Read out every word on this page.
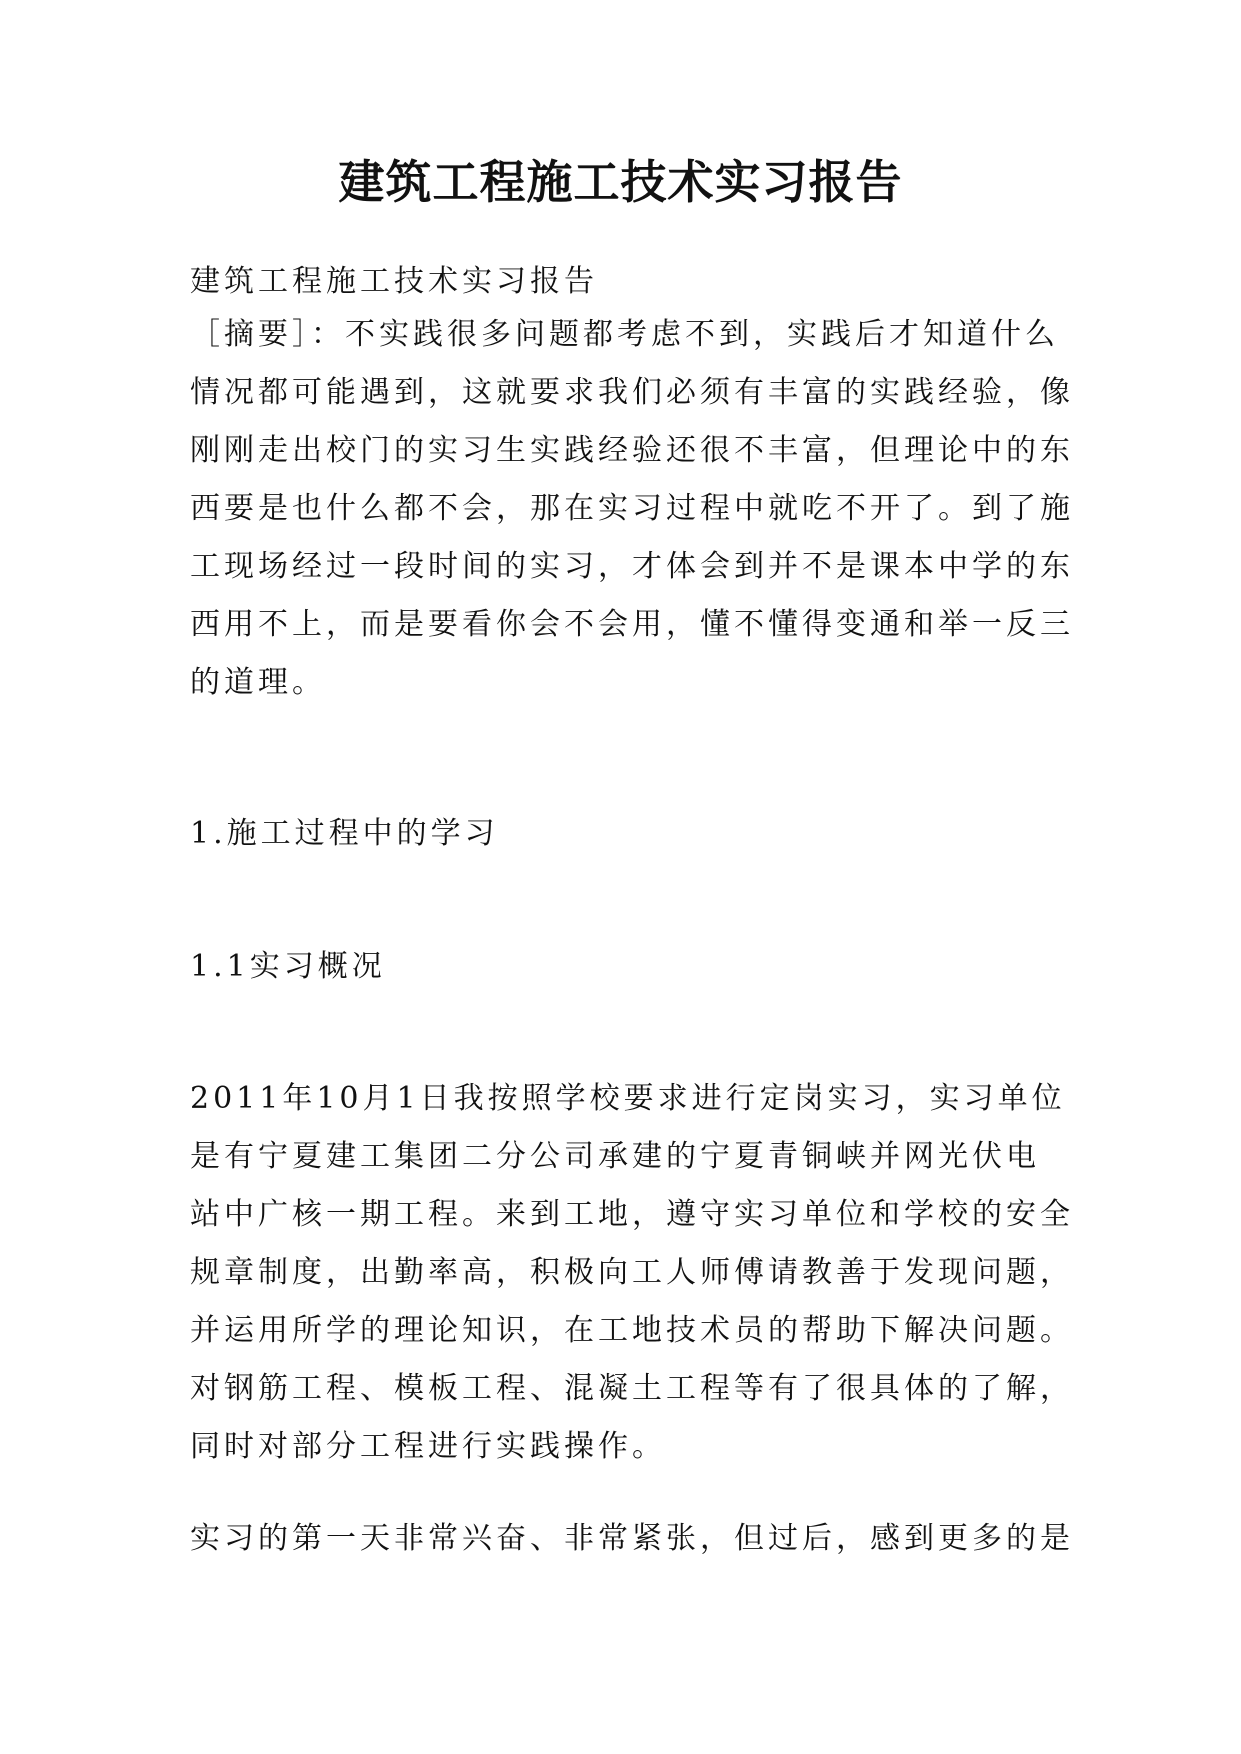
建筑工程施工技术实习报告

建筑工程施工技术实习报告

［摘要］：不实践很多问题都考虑不到，实践后才知道什么
情况都可能遇到，这就要求我们必须有丰富的实践经验，像
刚刚走出校门的实习生实践经验还很不丰富，但理论中的东
西要是也什么都不会，那在实习过程中就吃不开了。到了施
工现场经过一段时间的实习，才体会到并不是课本中学的东
西用不上，而是要看你会不会用，懂不懂得变通和举一反三
的道理。

1.施工过程中的学习

1.1实习概况

2011年10月1日我按照学校要求进行定岗实习，实习单位
是有宁夏建工集团二分公司承建的宁夏青铜峡并网光伏电
站中广核一期工程。来到工地，遵守实习单位和学校的安全
规章制度，出勤率高，积极向工人师傅请教善于发现问题，
并运用所学的理论知识，在工地技术员的帮助下解决问题。
对钢筋工程、模板工程、混凝土工程等有了很具体的了解，
同时对部分工程进行实践操作。

实习的第一天非常兴奋、非常紧张，但过后，感到更多的是
